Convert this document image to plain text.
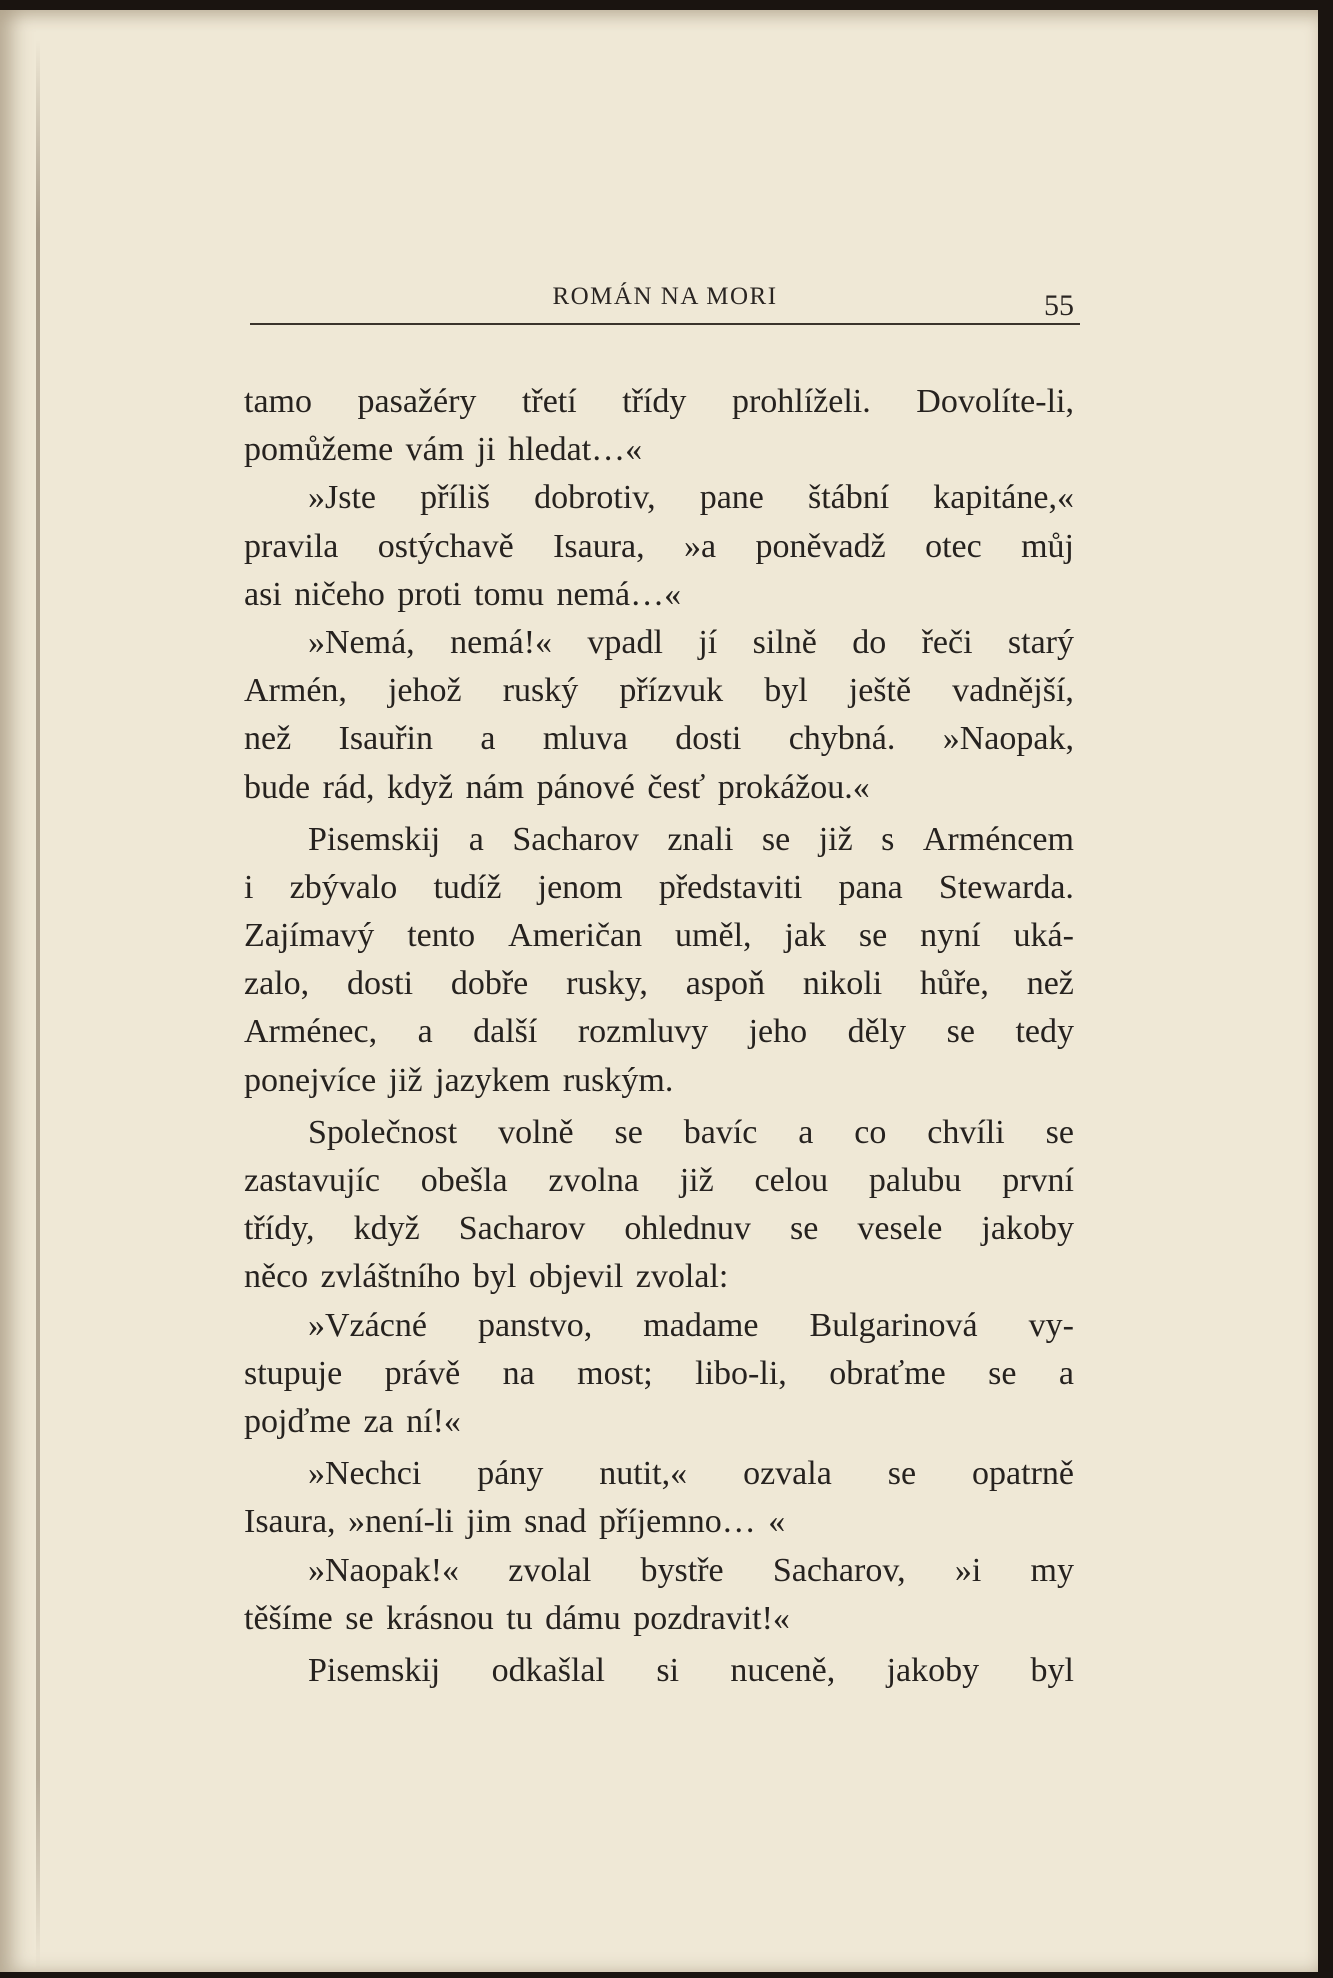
ROMÁN NA MORI	55
tamo pasažéry třetí třídy prohlíželi. Dovolíte-li,
pomůžeme vám ji hledat…«
»Jste příliš dobrotiv, pane štábní kapitáne,«
pravila ostýchavě Isaura, »a poněvadž otec můj
asi ničeho proti tomu nemá…«
»Nemá, nemá!« vpadl jí silně do řeči starý
Armén, jehož ruský přízvuk byl ještě vadnější,
než Isauřin a mluva dosti chybná. »Naopak,
bude rád, když nám pánové česť prokážou.«
Pisemskij a Sacharov znali se již s Arméncem
i zbývalo tudíž jenom představiti pana Stewarda.
Zajímavý tento Američan uměl, jak se nyní uká-
zalo, dosti dobře rusky, aspoň nikoli hůře, než
Arménec, a další rozmluvy jeho děly se tedy
ponejvíce již jazykem ruským.
Společnost volně se bavíc a co chvíli se
zastavujíc obešla zvolna již celou palubu první
třídy, když Sacharov ohlednuv se vesele jakoby
něco zvláštního byl objevil zvolal:
»Vzácné panstvo, madame Bulgarinová vy-
stupuje právě na most; libo-li, obraťme se a
pojďme za ní!«
»Nechci pány nutit,« ozvala se opatrně
Isaura, »není-li jim snad příjemno… «
»Naopak!« zvolal bystře Sacharov, »i my
těšíme se krásnou tu dámu pozdravit!«
Pisemskij odkašlal si nuceně, jakoby byl
